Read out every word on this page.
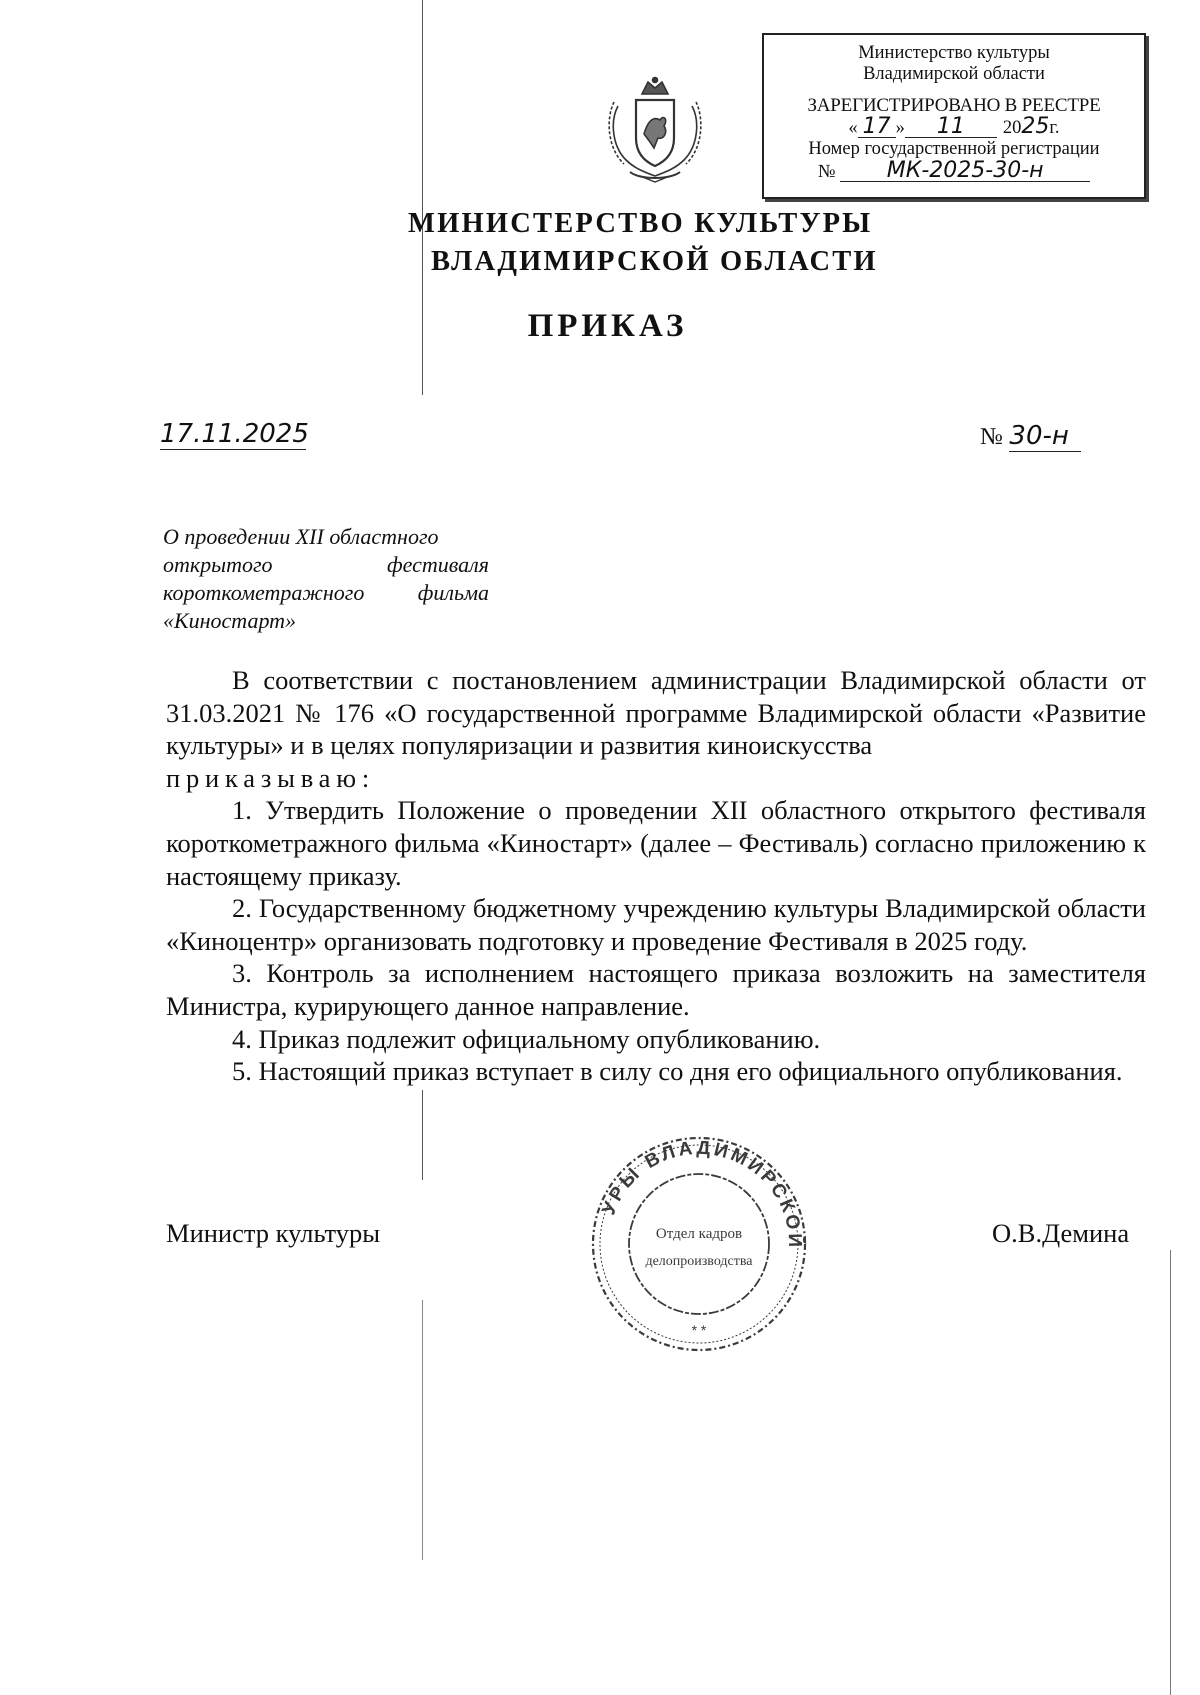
Министерство культуры
Владимирской области
ЗАРЕГИСТРИРОВАНО В РЕЕСТРЕ
« 17 » 11 2025г.
Номер государственной регистрации
№ МК-2025-30-н
МИНИСТЕРСТВО КУЛЬТУРЫ
ВЛАДИМИРСКОЙ ОБЛАСТИ
ПРИКАЗ
17.11.2025	№ 30-н
О проведении XII областного
открытого фестиваля
короткометражного фильма
«Киностарт»

В соответствии с постановлением администрации Владимирской области от 31.03.2021 № 176 «О государственной программе Владимирской области «Развитие культуры» и в целях популяризации и развития киноискусства

приказываю:

1. Утвердить Положение о проведении XII областного открытого фестиваля короткометражного фильма «Киностарт» (далее – Фестиваль) согласно приложению к настоящему приказу.

2. Государственному бюджетному учреждению культуры Владимирской области «Киноцентр» организовать подготовку и проведение Фестиваля в 2025 году.

3. Контроль за исполнением настоящего приказа возложить на заместителя Министра, курирующего данное направление.

4. Приказ подлежит официальному опубликованию.

5. Настоящий приказ вступает в силу со дня его официального опубликования.

Министр культуры	О.В.Демина
УРЫ ВЛАДИМИРСКОЙ
Отдел кадров
делопроизводства
* *
